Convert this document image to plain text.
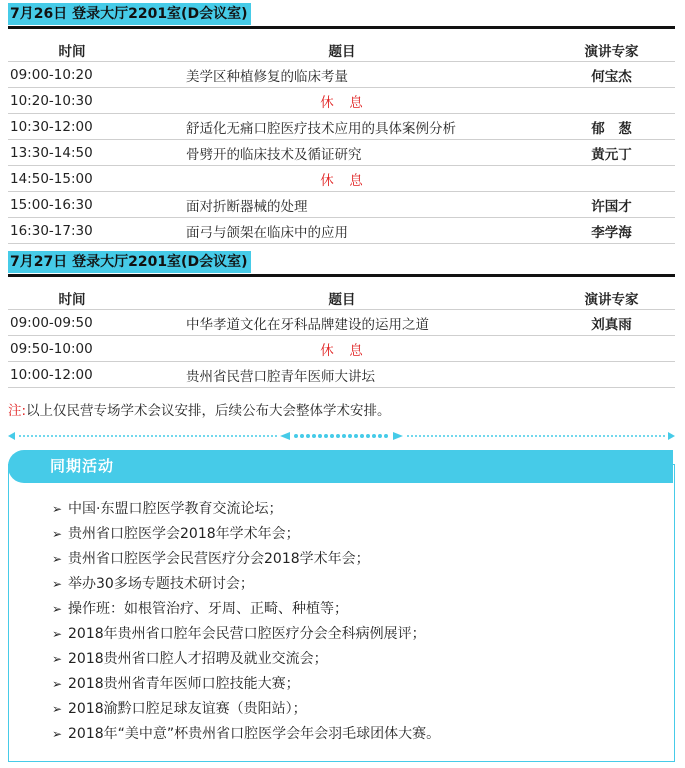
7月26日 登录大厅2201室(D会议室)
时间	题目	演讲专家
09:00-10:20	美学区种植修复的临床考量	何宝杰
10:20-10:30	休　息	
10:30-12:00	舒适化无痛口腔医疗技术应用的具体案例分析	郁　葱
13:30-14:50	骨劈开的临床技术及循证研究	黄元丁
14:50-15:00	休　息	
15:00-16:30	面对折断器械的处理	许国才
16:30-17:30	面弓与颌架在临床中的应用	李学海
7月27日 登录大厅2201室(D会议室)
时间	题目	演讲专家
09:00-09:50	中华孝道文化在牙科品牌建设的运用之道	刘真雨
09:50-10:00	休　息	
10:00-12:00	贵州省民营口腔青年医师大讲坛	
注:以上仅民营专场学术会议安排，后续公布大会整体学术安排。
同期活动
➢ 中国·东盟口腔医学教育交流论坛；
➢ 贵州省口腔医学会2018年学术年会；
➢ 贵州省口腔医学会民营医疗分会2018学术年会；
➢ 举办30多场专题技术研讨会；
➢ 操作班：如根管治疗、牙周、正畸、种植等；
➢ 2018年贵州省口腔年会民营口腔医疗分会全科病例展评；
➢ 2018贵州省口腔人才招聘及就业交流会；
➢ 2018贵州省青年医师口腔技能大赛；
➢ 2018渝黔口腔足球友谊赛（贵阳站）；
➢ 2018年“美中意”杯贵州省口腔医学会年会羽毛球团体大赛。
